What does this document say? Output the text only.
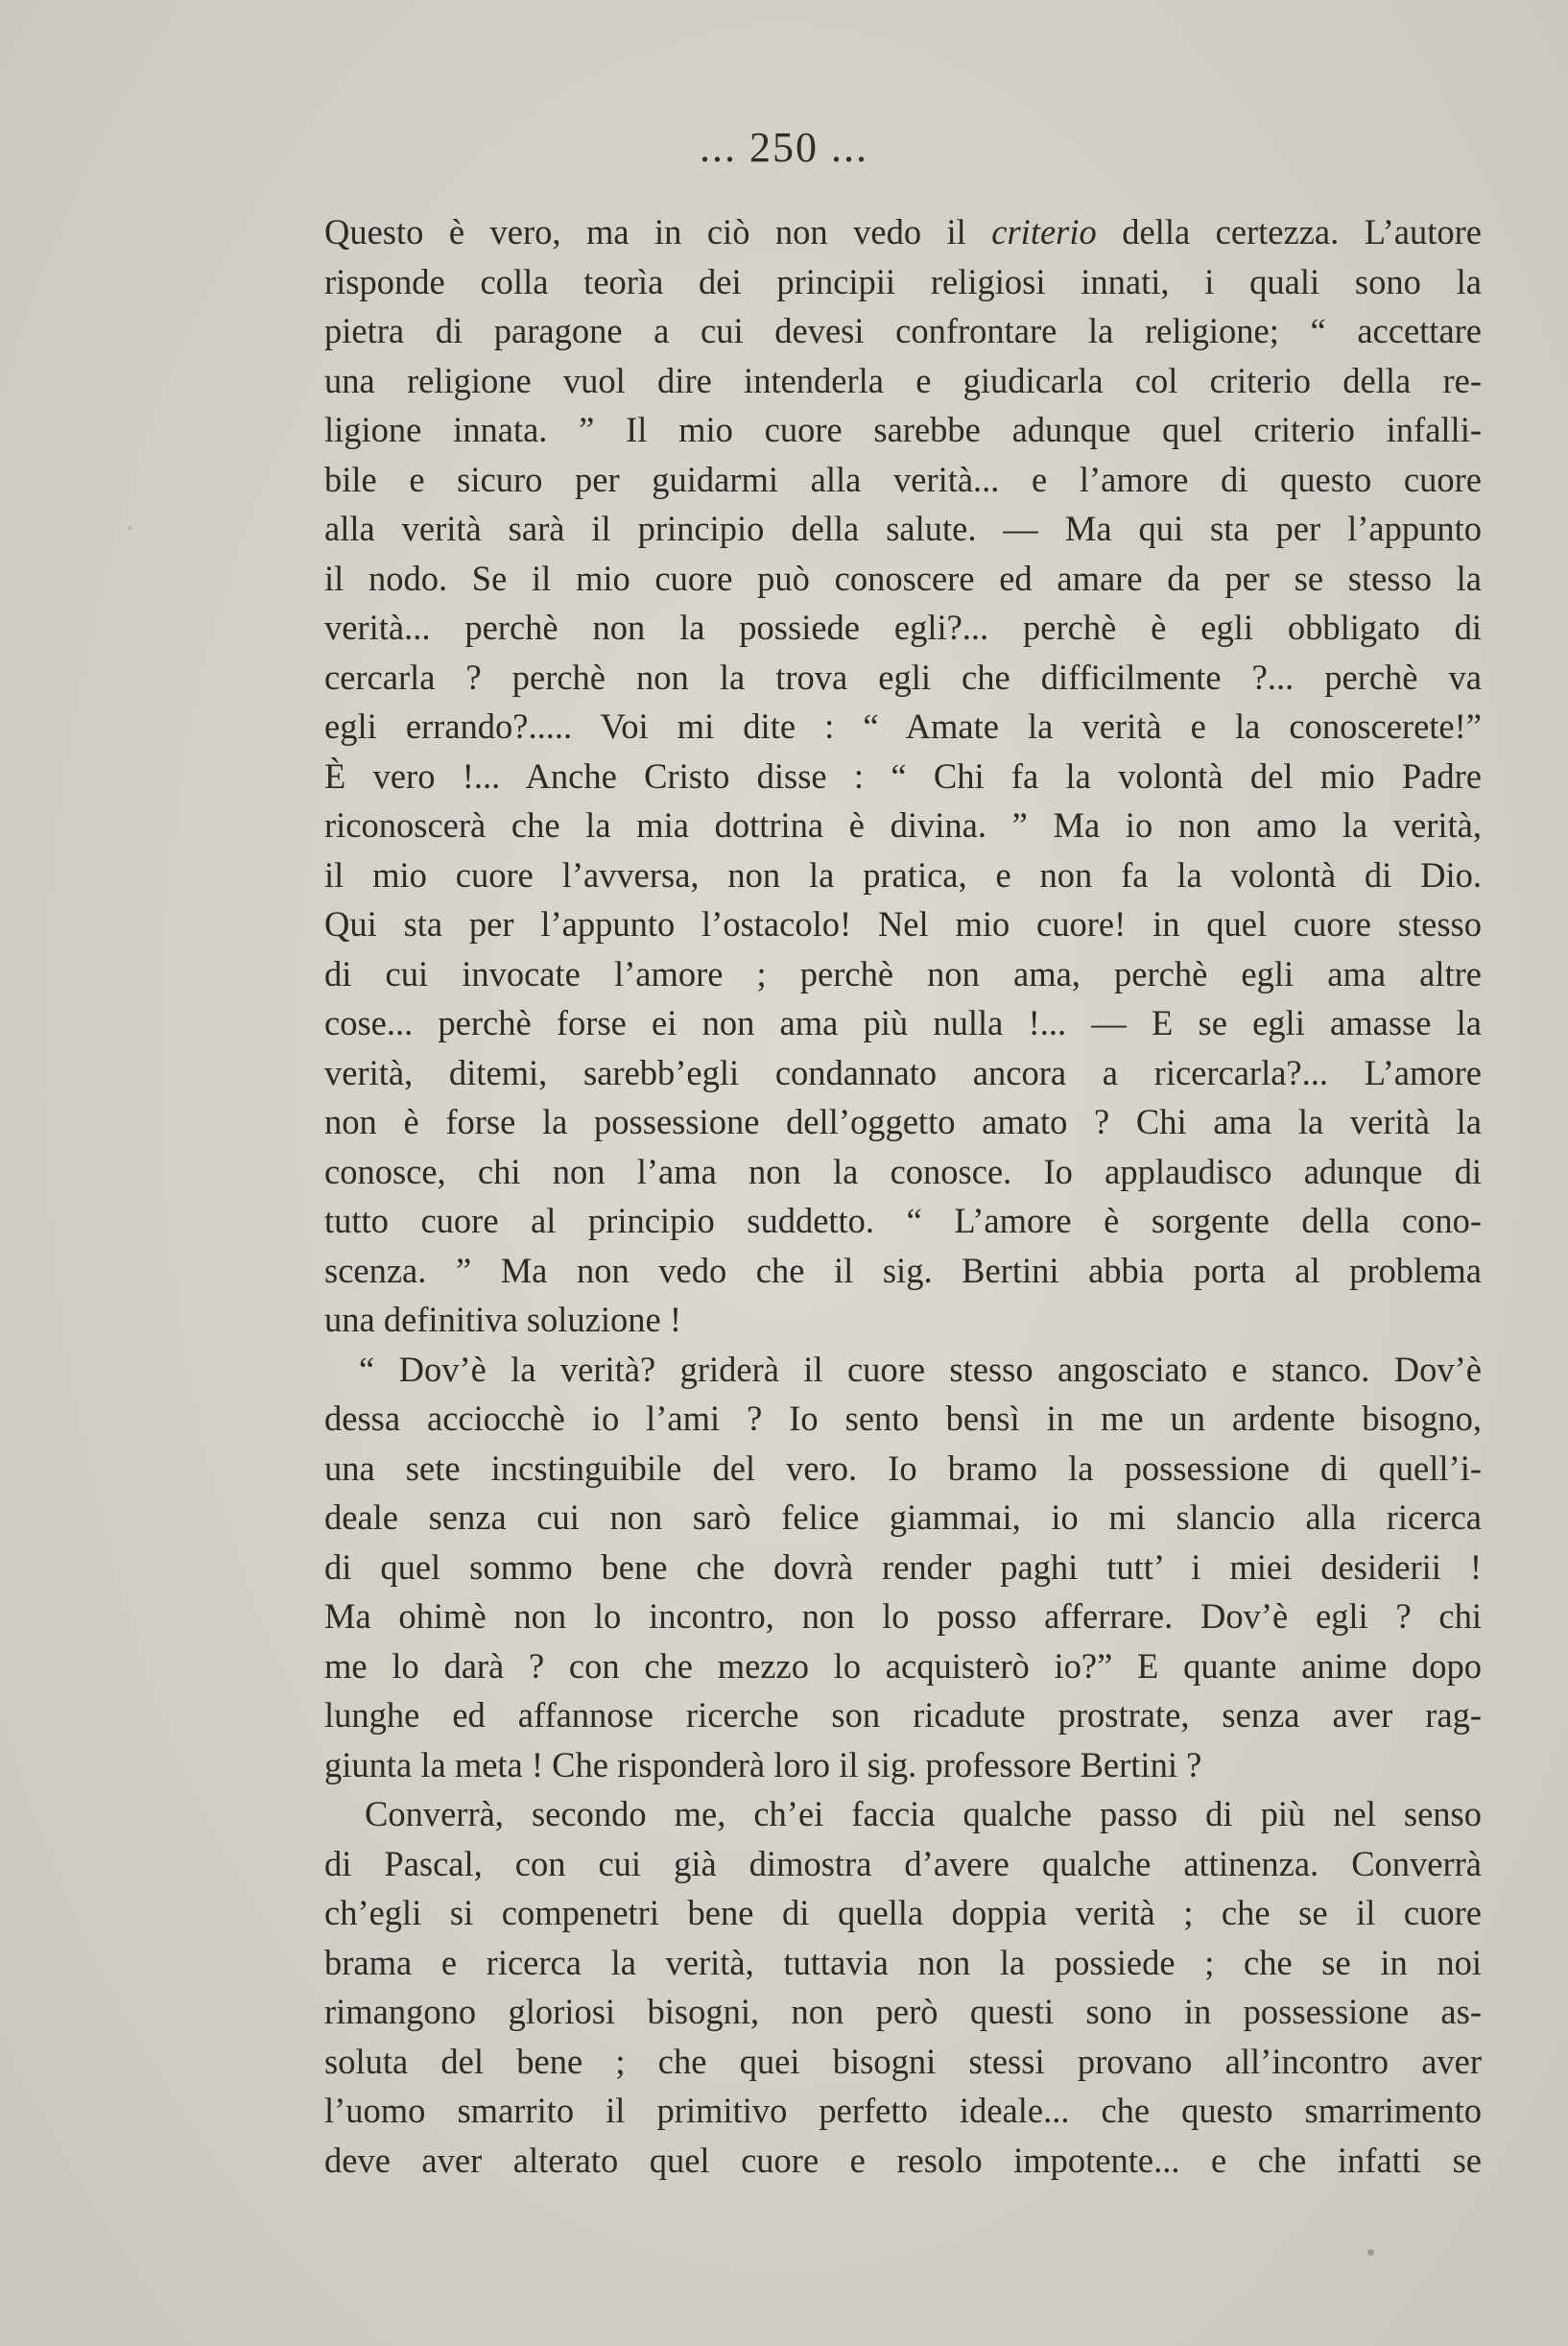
... 250 ...
Questo è vero, ma in ciò non vedo il criterio della certezza. L’autore
risponde colla teorìa dei principii religiosi innati, i quali sono la
pietra di paragone a cui devesi confrontare la religione; “ accettare
una religione vuol dire intenderla e giudicarla col criterio della re-
ligione innata. ” Il mio cuore sarebbe adunque quel criterio infalli-
bile e sicuro per guidarmi alla verità... e l’amore di questo cuore
alla verità sarà il principio della salute. — Ma qui sta per l’appunto
il nodo. Se il mio cuore può conoscere ed amare da per se stesso la
verità... perchè non la possiede egli?... perchè è egli obbligato di
cercarla ? perchè non la trova egli che difficilmente ?... perchè va
egli errando?..... Voi mi dite : “ Amate la verità e la conoscerete!”
È vero !... Anche Cristo disse : “ Chi fa la volontà del mio Padre
riconoscerà che la mia dottrina è divina. ” Ma io non amo la verità,
il mio cuore l’avversa, non la pratica, e non fa la volontà di Dio.
Qui sta per l’appunto l’ostacolo! Nel mio cuore! in quel cuore stesso
di cui invocate l’amore ; perchè non ama, perchè egli ama altre
cose... perchè forse ei non ama più nulla !... — E se egli amasse la
verità, ditemi, sarebb’egli condannato ancora a ricercarla?... L’amore
non è forse la possessione dell’oggetto amato ? Chi ama la verità la
conosce, chi non l’ama non la conosce. Io applaudisco adunque di
tutto cuore al principio suddetto. “ L’amore è sorgente della cono-
scenza. ” Ma non vedo che il sig. Bertini abbia porta al problema
una definitiva soluzione !
“ Dov’è la verità? griderà il cuore stesso angosciato e stanco. Dov’è
dessa acciocchè io l’ami ? Io sento bensì in me un ardente bisogno,
una sete incstinguibile del vero. Io bramo la possessione di quell’i-
deale senza cui non sarò felice giammai, io mi slancio alla ricerca
di quel sommo bene che dovrà render paghi tutt’ i miei desiderii !
Ma ohimè non lo incontro, non lo posso afferrare. Dov’è egli ? chi
me lo darà ? con che mezzo lo acquisterò io?” E quante anime dopo
lunghe ed affannose ricerche son ricadute prostrate, senza aver rag-
giunta la meta ! Che risponderà loro il sig. professore Bertini ?
Converrà, secondo me, ch’ei faccia qualche passo di più nel senso
di Pascal, con cui già dimostra d’avere qualche attinenza. Converrà
ch’egli si compenetri bene di quella doppia verità ; che se il cuore
brama e ricerca la verità, tuttavia non la possiede ; che se in noi
rimangono gloriosi bisogni, non però questi sono in possessione as-
soluta del bene ; che quei bisogni stessi provano all’incontro aver
l’uomo smarrito il primitivo perfetto ideale... che questo smarrimento
deve aver alterato quel cuore e resolo impotente... e che infatti se
